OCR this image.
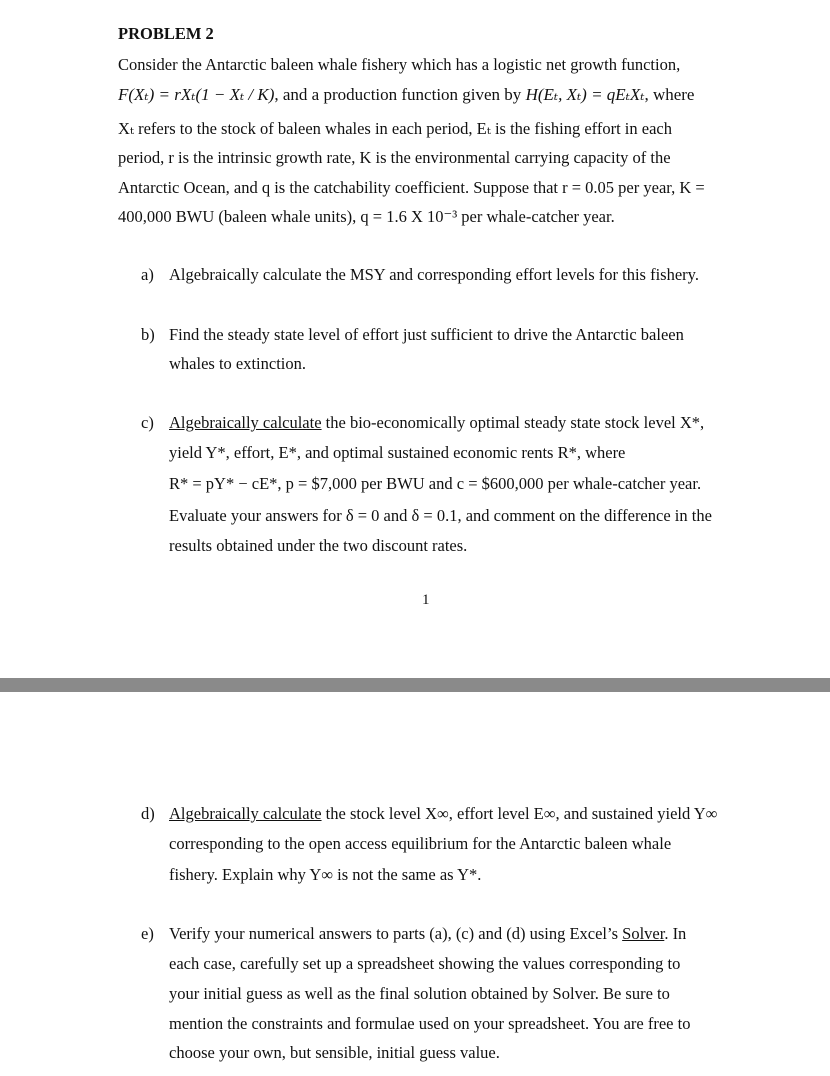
PROBLEM 2
Consider the Antarctic baleen whale fishery which has a logistic net growth function,
F(Xₜ) = rXₜ(1 − Xₜ / K), and a production function given by H(Eₜ, Xₜ) = qEₜXₜ, where
Xₜ refers to the stock of baleen whales in each period, Eₜ is the fishing effort in each
period, r is the intrinsic growth rate, K is the environmental carrying capacity of the
Antarctic Ocean, and q is the catchability coefficient. Suppose that r = 0.05 per year, K =
400,000 BWU (baleen whale units), q = 1.6 X 10⁻³ per whale-catcher year.
a) Algebraically calculate the MSY and corresponding effort levels for this fishery.
b) Find the steady state level of effort just sufficient to drive the Antarctic baleen
whales to extinction.
c) Algebraically calculate the bio-economically optimal steady state stock level X*,
yield Y*, effort, E*, and optimal sustained economic rents R*, where
R* = pY* − cE*, p = $7,000 per BWU and c = $600,000 per whale-catcher year.
Evaluate your answers for δ = 0 and δ = 0.1, and comment on the difference in the
results obtained under the two discount rates.
1
d) Algebraically calculate the stock level X∞, effort level E∞, and sustained yield Y∞
corresponding to the open access equilibrium for the Antarctic baleen whale
fishery. Explain why Y∞ is not the same as Y*.
e) Verify your numerical answers to parts (a), (c) and (d) using Excel’s Solver. In
each case, carefully set up a spreadsheet showing the values corresponding to
your initial guess as well as the final solution obtained by Solver. Be sure to
mention the constraints and formulae used on your spreadsheet. You are free to
choose your own, but sensible, initial guess value.
